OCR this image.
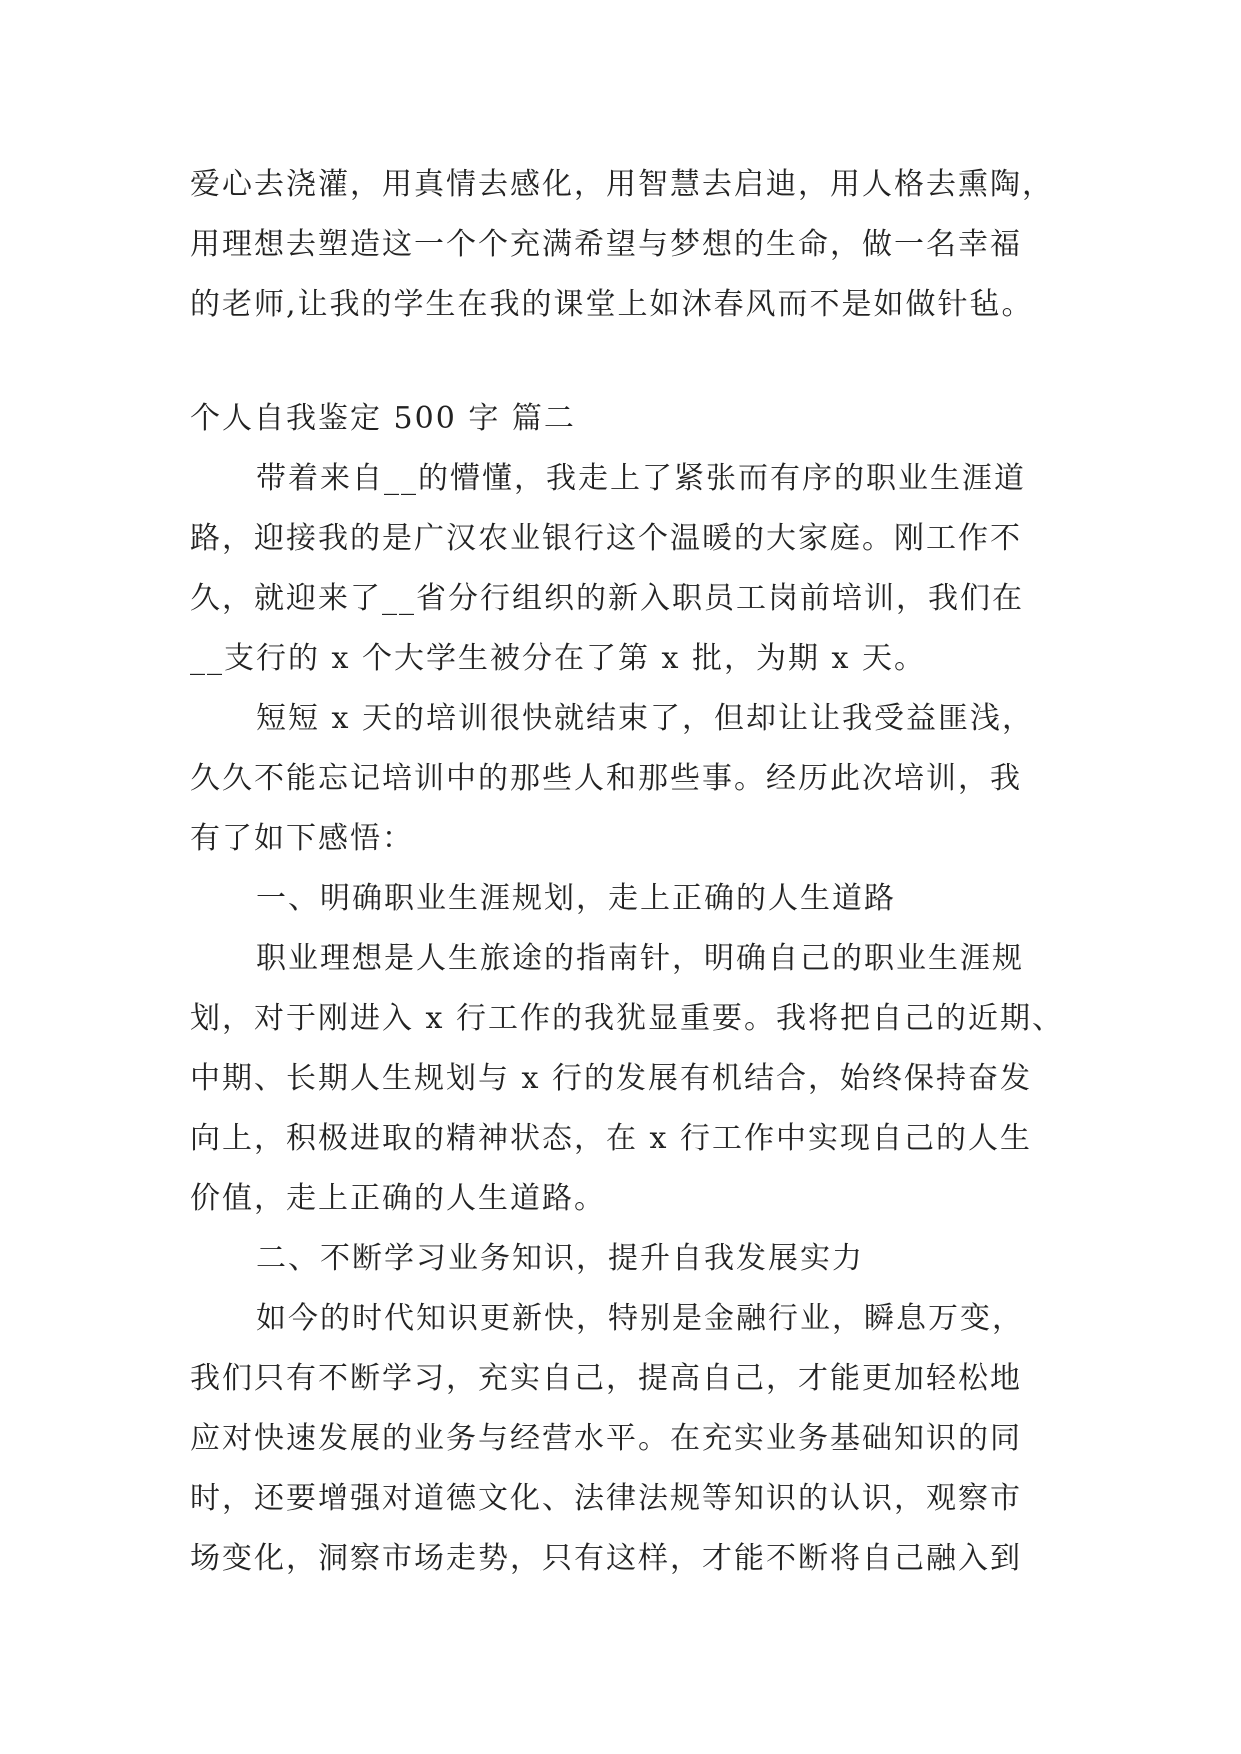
爱心去浇灌，用真情去感化，用智慧去启迪，用人格去熏陶，
用理想去塑造这一个个充满希望与梦想的生命，做一名幸福
的老师,让我的学生在我的课堂上如沐春风而不是如做针毡。
个人自我鉴定 500 字 篇二
带着来自__的懵懂，我走上了紧张而有序的职业生涯道
路，迎接我的是广汉农业银行这个温暖的大家庭。刚工作不
久，就迎来了__省分行组织的新入职员工岗前培训，我们在
__支行的 x 个大学生被分在了第 x 批，为期 x 天。
短短 x 天的培训很快就结束了，但却让让我受益匪浅，
久久不能忘记培训中的那些人和那些事。经历此次培训，我
有了如下感悟：
一、明确职业生涯规划，走上正确的人生道路
职业理想是人生旅途的指南针，明确自己的职业生涯规
划，对于刚进入 x 行工作的我犹显重要。我将把自己的近期、
中期、长期人生规划与 x 行的发展有机结合，始终保持奋发
向上，积极进取的精神状态，在 x 行工作中实现自己的人生
价值，走上正确的人生道路。
二、不断学习业务知识，提升自我发展实力
如今的时代知识更新快，特别是金融行业，瞬息万变，
我们只有不断学习，充实自己，提高自己，才能更加轻松地
应对快速发展的业务与经营水平。在充实业务基础知识的同
时，还要增强对道德文化、法律法规等知识的认识，观察市
场变化，洞察市场走势，只有这样，才能不断将自己融入到
